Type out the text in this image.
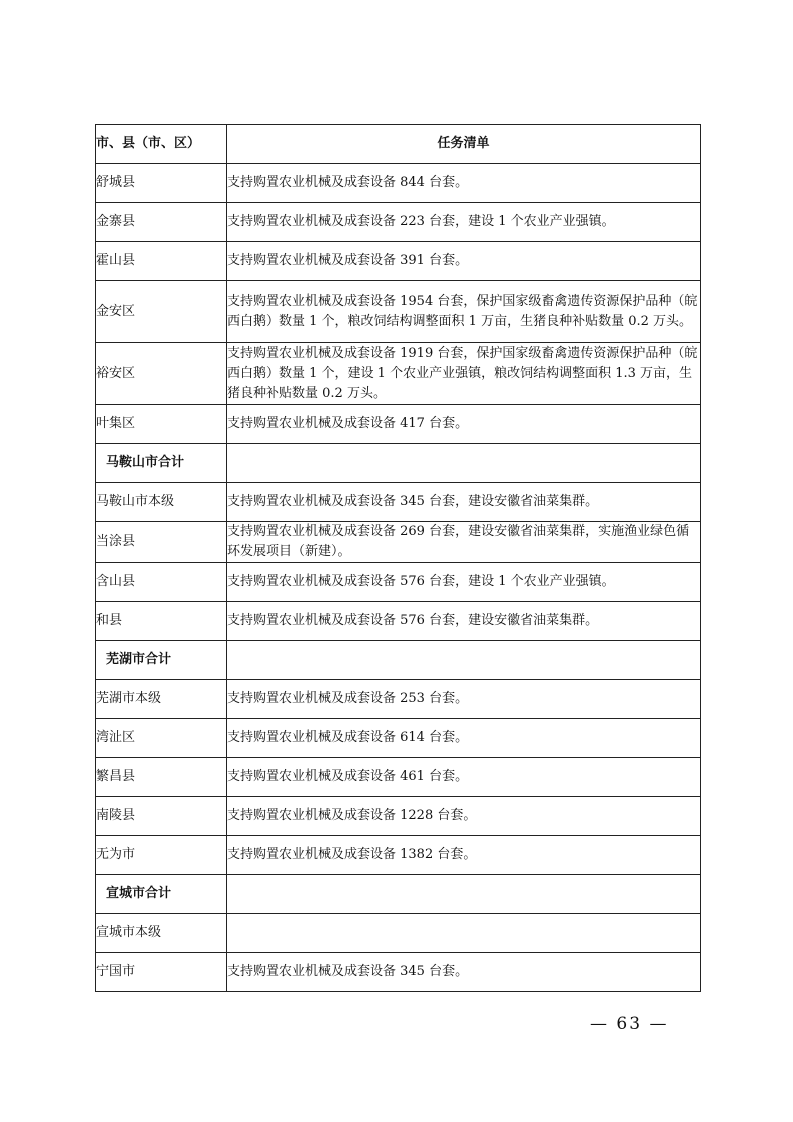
市、县（市、区）	任务清单
舒城县	支持购置农业机械及成套设备 844 台套。
金寨县	支持购置农业机械及成套设备 223 台套，建设 1 个农业产业强镇。
霍山县	支持购置农业机械及成套设备 391 台套。
金安区	支持购置农业机械及成套设备 1954 台套，保护国家级畜禽遗传资源保护品种（皖西白鹅）数量 1 个，粮改饲结构调整面积 1 万亩，生猪良种补贴数量 0.2 万头。
裕安区	支持购置农业机械及成套设备 1919 台套，保护国家级畜禽遗传资源保护品种（皖西白鹅）数量 1 个，建设 1 个农业产业强镇，粮改饲结构调整面积 1.3 万亩，生猪良种补贴数量 0.2 万头。
叶集区	支持购置农业机械及成套设备 417 台套。
马鞍山市合计	
马鞍山市本级	支持购置农业机械及成套设备 345 台套，建设安徽省油菜集群。
当涂县	支持购置农业机械及成套设备 269 台套，建设安徽省油菜集群，实施渔业绿色循环发展项目（新建）。
含山县	支持购置农业机械及成套设备 576 台套，建设 1 个农业产业强镇。
和县	支持购置农业机械及成套设备 576 台套，建设安徽省油菜集群。
芜湖市合计	
芜湖市本级	支持购置农业机械及成套设备 253 台套。
湾沚区	支持购置农业机械及成套设备 614 台套。
繁昌县	支持购置农业机械及成套设备 461 台套。
南陵县	支持购置农业机械及成套设备 1228 台套。
无为市	支持购置农业机械及成套设备 1382 台套。
宣城市合计	
宣城市本级	
宁国市	支持购置农业机械及成套设备 345 台套。
— 63 —
